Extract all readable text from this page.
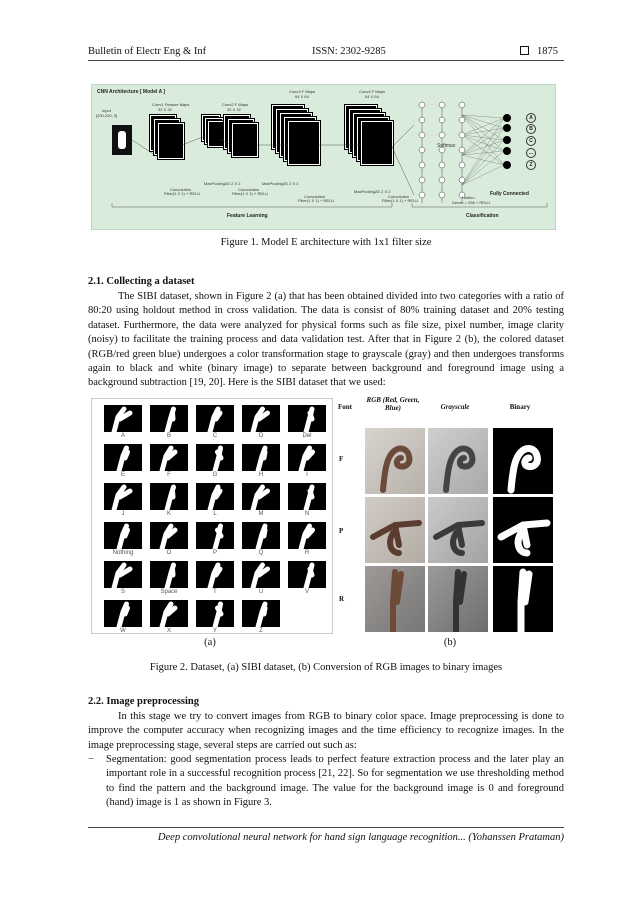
Bulletin of Electr Eng & Inf	ISSN: 2302-9285	1875
CNN Architecture [ Model A ]
Input
[200,200, 3]
Conv1 Feature Maps
32 X 32
Conv2 F Maps
32 X 32
Conv3 F Maps
64 X 64
Conv4 F Maps
64 X 64
A
B
C
...
Z
Softmax
MaxPooling2D 2 X 2	MaxPooling2D 2 X 2
MaxPooling2D 2 X 2
Convolution
Filter(1 X 1) + RELU
Convolution
Filter(1 X 1) + RELU
Convolution
Filter(1 X 1) + RELU
Convolution
Filter(1 X 1) + RELU
Hidden
Dense = 256 + RELU
Fully Connected
Feature Learning	Classification
Figure 1. Model E architecture with 1x1 filter size
2.1. Collecting a dataset
The SIBI dataset, shown in Figure 2 (a) that has been obtained divided into two categories with a ratio of 80:20 using holdout method in cross validation. The data is consist of 80% training dataset and 20% testing dataset. Furthermore, the data were analyzed for physical forms such as file size, pixel number, image clarity (noisy) to facilitate the training process and data validation test. After that in Figure 2 (b), the colored dataset (RGB/red green blue) undergoes a color transformation stage to grayscale (gray) and then undergoes transforms again to black and white (binary image) to separate between background and foreground image using a background subtraction [19, 20]. Here is the SIBI dataset that we used:
A	B	C	D	Del
E	F	G	H	I
J	K	L	M	N
Nothing	O	P	Q	R
S	Space	T	U	V
W	X	Y	Z
Font
RGB (Red, Green, Blue)	Grayscale	Binary
F
P
R
(a)	(b)
Figure 2. Dataset, (a) SIBI dataset, (b) Conversion of RGB images to binary images
2.2. Image preprocessing
In this stage we try to convert images from RGB to binary color space. Image preprocessing is done to improve the computer accuracy when recognizing images and the time efficiency to recognize images. In the image preprocessing stage, several steps are carried out such as:
− Segmentation: good segmentation process leads to perfect feature extraction process and the later play an important role in a successful recognition process [21, 22]. So for segmentation we use thresholding method to find the pattern and the background image. The value for the background image is 0 and foreground (hand) image is 1 as shown in Figure 3.
Deep convolutional neural network for hand sign language recognition... (Yohanssen Prataman)
